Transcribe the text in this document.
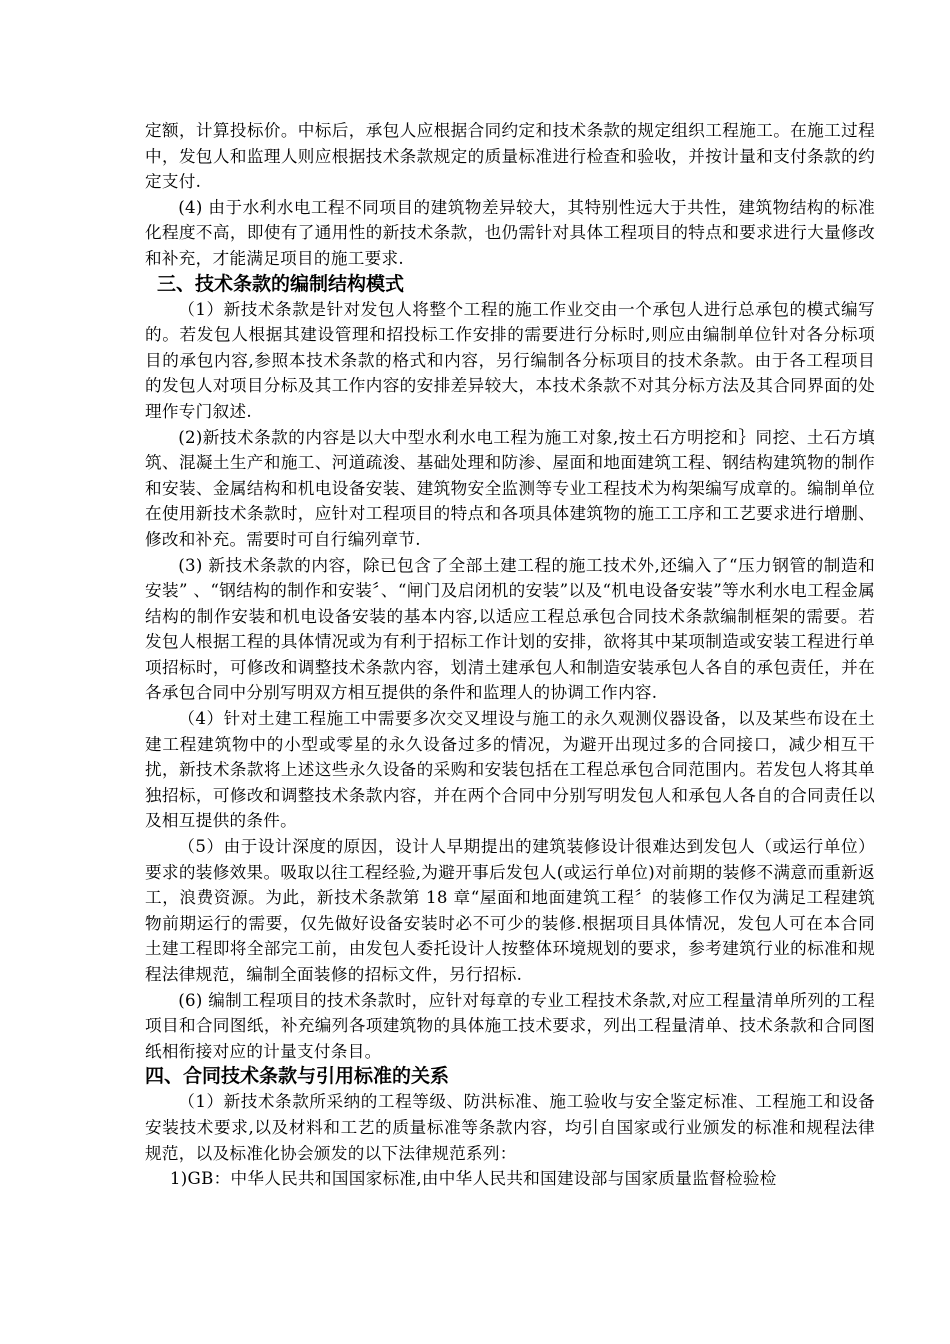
定额，计算投标价。中标后，承包人应根据合同约定和技术条款的规定组织工程施工。在施工过程中，发包人和监理人则应根据技术条款规定的质量标准进行检查和验收，并按计量和支付条款的约定支付.

(4) 由于水利水电工程不同项目的建筑物差异较大，其特别性远大于共性，建筑物结构的标准化程度不高，即使有了通用性的新技术条款，也仍需针对具体工程项目的特点和要求进行大量修改和补充，才能满足项目的施工要求.

三、技术条款的编制结构模式

（1）新技术条款是针对发包人将整个工程的施工作业交由一个承包人进行总承包的模式编写的。若发包人根据其建设管理和招投标工作安排的需要进行分标时,则应由编制单位针对各分标项目的承包内容,参照本技术条款的格式和内容，另行编制各分标项目的技术条款。由于各工程项目的发包人对项目分标及其工作内容的安排差异较大，本技术条款不对其分标方法及其合同界面的处理作专门叙述.

(2)新技术条款的内容是以大中型水利水电工程为施工对象,按土石方明挖和｝同挖、土石方填筑、混凝土生产和施工、河道疏浚、基础处理和防渗、屋面和地面建筑工程、钢结构建筑物的制作和安装、金属结构和机电设备安装、建筑物安全监测等专业工程技术为构架编写成章的。编制单位在使用新技术条款时，应针对工程项目的特点和各项具体建筑物的施工工序和工艺要求进行增删、修改和补充。需要时可自行编列章节.

(3) 新技术条款的内容，除已包含了全部土建工程的施工技术外,还编入了“压力钢管的制造和安装” 、“钢结构的制作和安装〞、“闸门及启闭机的安装”以及“机电设备安装”等水利水电工程金属结构的制作安装和机电设备安装的基本内容,以适应工程总承包合同技术条款编制框架的需要。若发包人根据工程的具体情况或为有利于招标工作计划的安排，欲将其中某项制造或安装工程进行单项招标时，可修改和调整技术条款内容，划清土建承包人和制造安装承包人各自的承包责任，并在各承包合同中分别写明双方相互提供的条件和监理人的协调工作内容.

（4）针对土建工程施工中需要多次交叉埋设与施工的永久观测仪器设备，以及某些布设在土建工程建筑物中的小型或零星的永久设备过多的情况，为避开出现过多的合同接口，减少相互干扰，新技术条款将上述这些永久设备的采购和安装包括在工程总承包合同范围内。若发包人将其单独招标，可修改和调整技术条款内容，并在两个合同中分别写明发包人和承包人各自的合同责任以及相互提供的条件。

（5）由于设计深度的原因，设计人早期提出的建筑装修设计很难达到发包人（或运行单位）要求的装修效果。吸取以往工程经验,为避开事后发包人(或运行单位)对前期的装修不满意而重新返工，浪费资源。为此，新技术条款第 18 章“屋面和地面建筑工程〞的装修工作仅为满足工程建筑物前期运行的需要，仅先做好设备安装时必不可少的装修.根据项目具体情况，发包人可在本合同土建工程即将全部完工前，由发包人委托设计人按整体环境规划的要求，参考建筑行业的标准和规程法律规范，编制全面装修的招标文件，另行招标.

(6) 编制工程项目的技术条款时，应针对每章的专业工程技术条款,对应工程量清单所列的工程项目和合同图纸，补充编列各项建筑物的具体施工技术要求，列出工程量清单、技术条款和合同图纸相衔接对应的计量支付条目。

四、合同技术条款与引用标准的关系

（1）新技术条款所采纳的工程等级、防洪标准、施工验收与安全鉴定标准、工程施工和设备安装技术要求,以及材料和工艺的质量标准等条款内容，均引自国家或行业颁发的标准和规程法律规范，以及标准化协会颁发的以下法律规范系列：

1)GB：中华人民共和国国家标准,由中华人民共和国建设部与国家质量监督检验检
